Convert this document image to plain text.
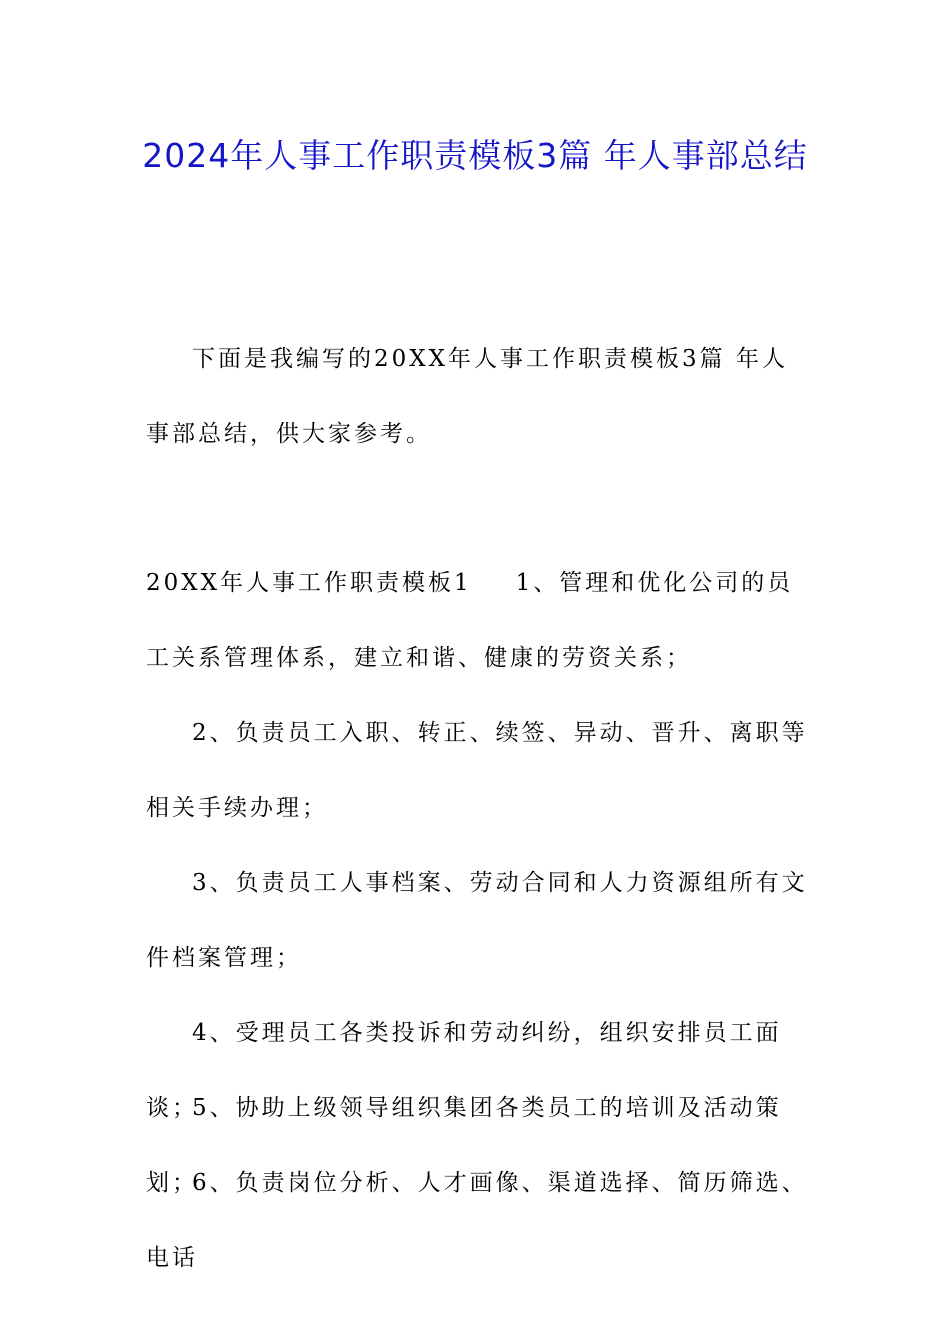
2024年人事工作职责模板3篇 年人事部总结

下面是我编写的20XX年人事工作职责模板3篇 年人事部总结，供大家参考。

20XX年人事工作职责模板1 1、管理和优化公司的员工关系管理体系，建立和谐、健康的劳资关系；

2、负责员工入职、转正、续签、异动、晋升、离职等相关手续办理；

3、负责员工人事档案、劳动合同和人力资源组所有文件档案管理；

4、受理员工各类投诉和劳动纠纷，组织安排员工面谈；

5、协助上级领导组织集团各类员工的培训及活动策划；

6、负责岗位分析、人才画像、渠道选择、简历筛选、电话
